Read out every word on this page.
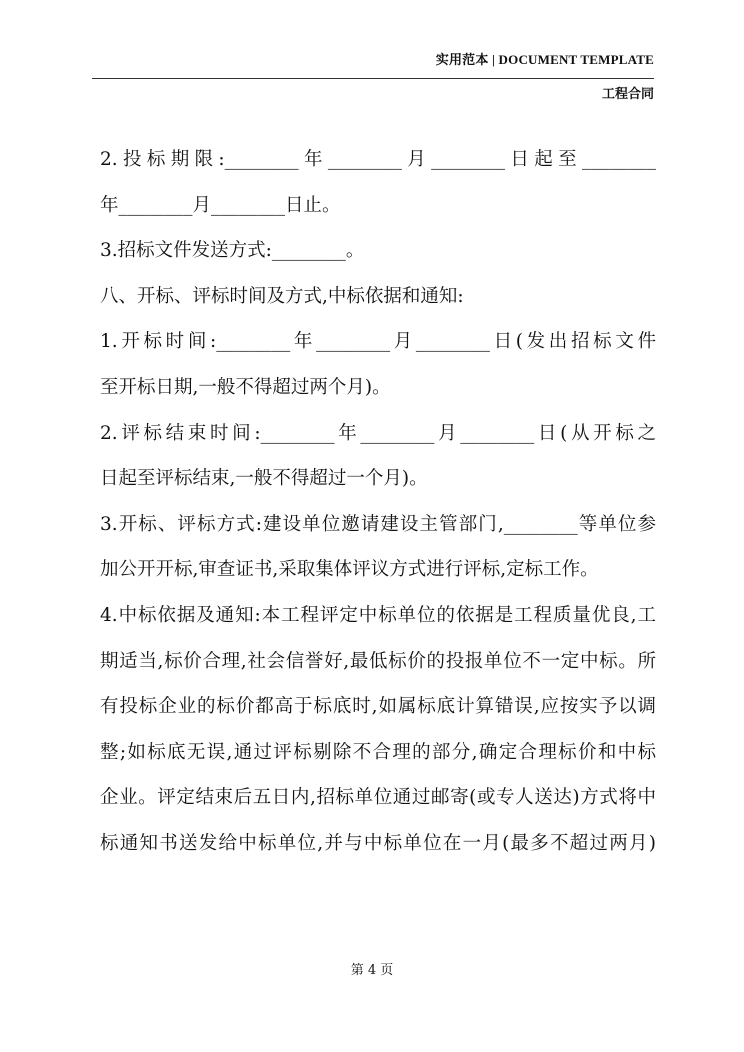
实用范本 | DOCUMENT TEMPLATE
工程合同
2.投标期限:________年________月________日起至________
年________月________日止。
3.招标文件发送方式:________。
八、开标、评标时间及方式,中标依据和通知:
1.开标时间:________年________月________日(发出招标文件
至开标日期,一般不得超过两个月)。
2.评标结束时间:________年________月________日(从开标之
日起至评标结束,一般不得超过一个月)。
3.开标、评标方式:建设单位邀请建设主管部门,________等单位参
加公开开标,审查证书,采取集体评议方式进行评标,定标工作。
4.中标依据及通知:本工程评定中标单位的依据是工程质量优良,工
期适当,标价合理,社会信誉好,最低标价的投报单位不一定中标。所
有投标企业的标价都高于标底时,如属标底计算错误,应按实予以调
整;如标底无误,通过评标剔除不合理的部分,确定合理标价和中标
企业。评定结束后五日内,招标单位通过邮寄(或专人送达)方式将中
标通知书送发给中标单位,并与中标单位在一月(最多不超过两月)
第 4 页
